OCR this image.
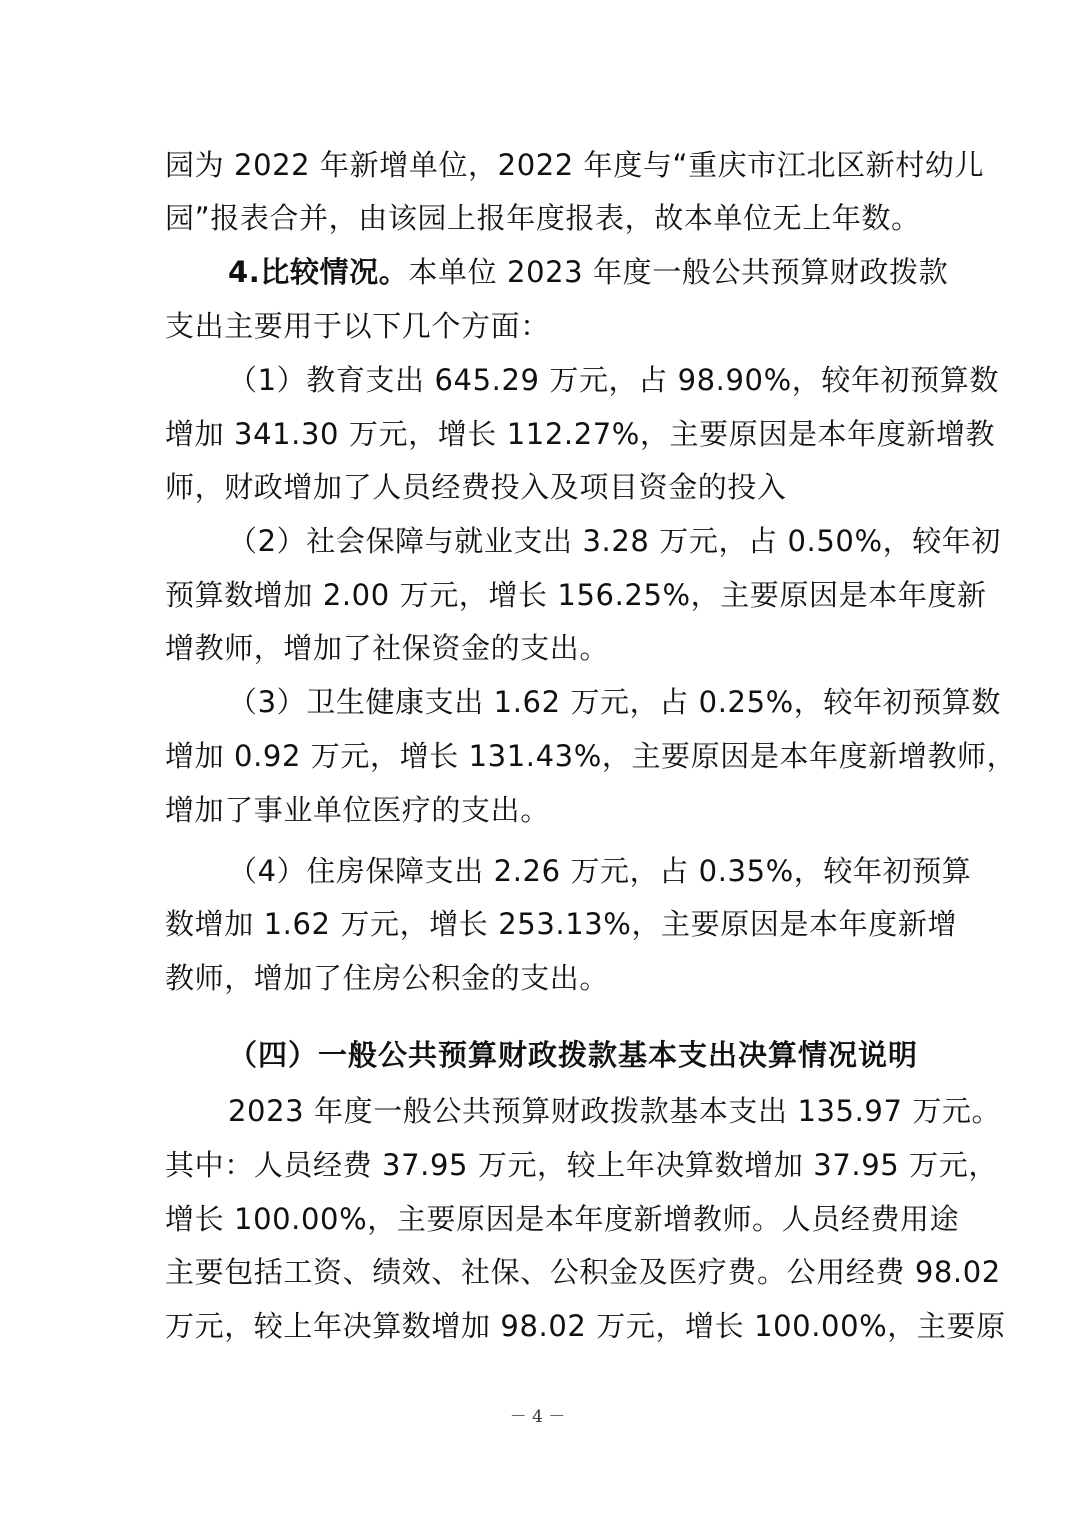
园为 2022 年新增单位，2022 年度与“重庆市江北区新村幼儿
园”报表合并，由该园上报年度报表，故本单位无上年数。
4.比较情况。本单位 2023 年度一般公共预算财政拨款
支出主要用于以下几个方面：
（1）教育支出 645.29 万元，占 98.90%，较年初预算数
增加 341.30 万元，增长 112.27%，主要原因是本年度新增教
师，财政增加了人员经费投入及项目资金的投入
（2）社会保障与就业支出 3.28 万元，占 0.50%，较年初
预算数增加 2.00 万元，增长 156.25%，主要原因是本年度新
增教师，增加了社保资金的支出。
（3）卫生健康支出 1.62 万元，占 0.25%，较年初预算数
增加 0.92 万元，增长 131.43%，主要原因是本年度新增教师，
增加了事业单位医疗的支出。
（4）住房保障支出 2.26 万元，占 0.35%，较年初预算
数增加 1.62 万元，增长 253.13%，主要原因是本年度新增
教师，增加了住房公积金的支出。
（四）一般公共预算财政拨款基本支出决算情况说明
2023 年度一般公共预算财政拨款基本支出 135.97 万元。
其中：人员经费 37.95 万元，较上年决算数增加 37.95 万元，
增长 100.00%，主要原因是本年度新增教师。人员经费用途
主要包括工资、绩效、社保、公积金及医疗费。公用经费 98.02
万元，较上年决算数增加 98.02 万元，增长 100.00%，主要原
－ 4 －
